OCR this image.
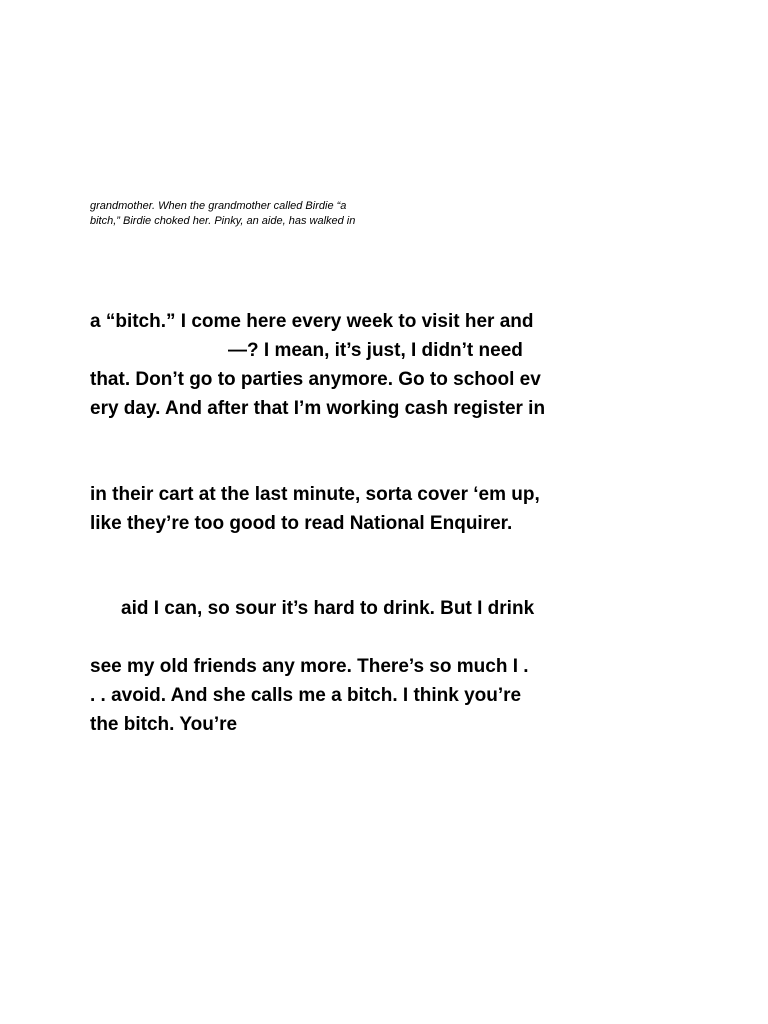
grandmother. When the grandmother called Birdie “a
bitch,” Birdie choked her. Pinky, an aide, has walked in
a “bitch.” I come here every week to visit her and
—? I mean, it’s just, I didn’t need
that. Don’t go to parties anymore. Go to school ev
ery day. And after that I’m working cash register in
in their cart at the last minute, sorta cover ‘em up,
like they’re too good to read National Enquirer.
aid I can, so sour it’s hard to drink. But I drink
see my old friends any more. There’s so much I .
. . avoid. And she calls me a bitch. I think you’re
the bitch. You’re
